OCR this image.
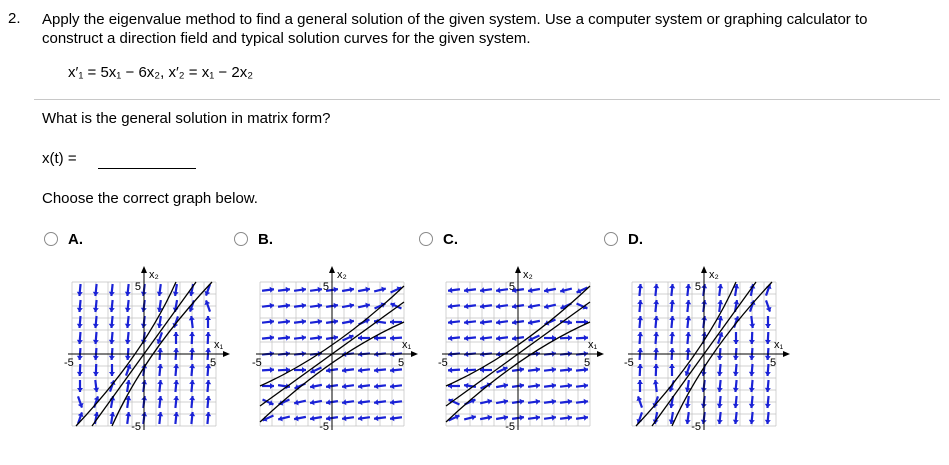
2. Apply the eigenvalue method to find a general solution of the given system. Use a computer system or graphing calculator to construct a direction field and typical solution curves for the given system.
x′₁ = 5x₁ − 6x₂, x′₂ = x₁ − 2x₂
What is the general solution in matrix form?
x(t) =
Choose the correct graph below.
A.	B.	C.	D.
x₂
x₁
5
-5
-5	5
x₂
x₁
5
-5
-5	5
x₂
x₁
5
-5
-5	5
x₂
x₁
5
-5
-5	5
